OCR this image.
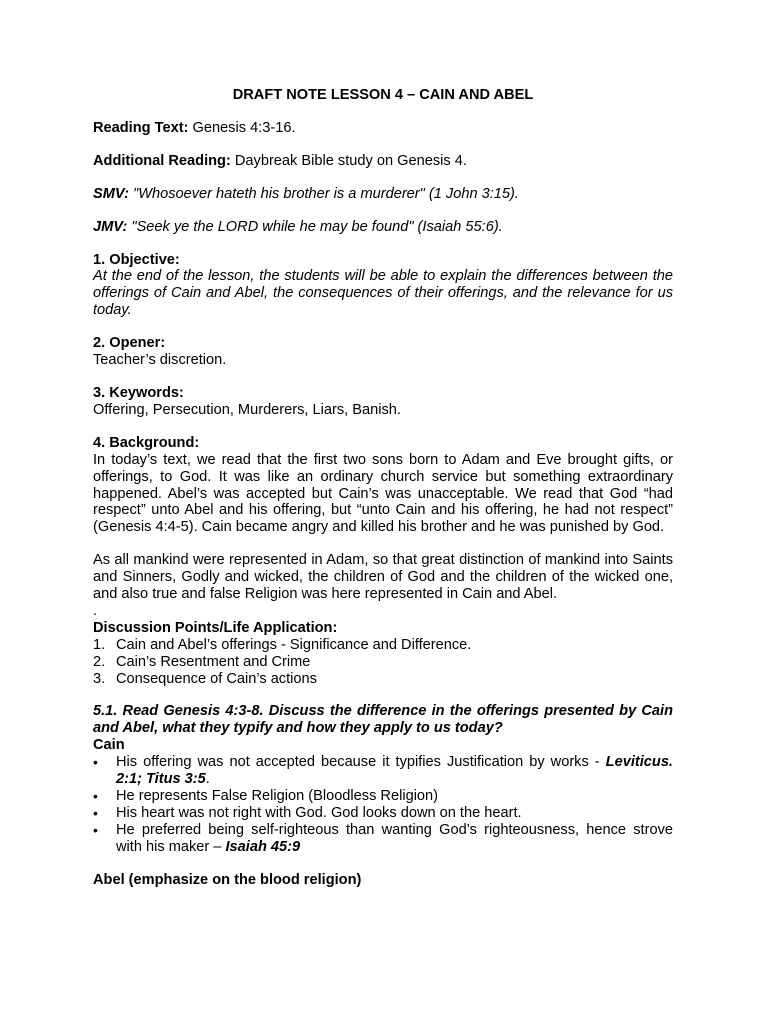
DRAFT NOTE LESSON 4 – CAIN AND ABEL

Reading Text: Genesis 4:3-16.

Additional Reading: Daybreak Bible study on Genesis 4.

SMV: "Whosoever hateth his brother is a murderer" (1 John 3:15).

JMV: "Seek ye the LORD while he may be found" (Isaiah 55:6).

1. Objective:

At the end of the lesson, the students will be able to explain the differences between the offerings of Cain and Abel, the consequences of their offerings, and the relevance for us today.

2. Opener:

Teacher’s discretion.

3. Keywords:

Offering, Persecution, Murderers, Liars, Banish.

4. Background:

In today’s text, we read that the first two sons born to Adam and Eve brought gifts, or offerings, to God. It was like an ordinary church service but something extraordinary happened. Abel’s was accepted but Cain’s was unacceptable. We read that God “had respect” unto Abel and his offering, but “unto Cain and his offering, he had not respect” (Genesis 4:4-5). Cain became angry and killed his brother and he was punished by God.

As all mankind were represented in Adam, so that great distinction of mankind into Saints and Sinners, Godly and wicked, the children of God and the children of the wicked one, and also true and false Religion was here represented in Cain and Abel.

.

Discussion Points/Life Application:

1. Cain and Abel’s offerings - Significance and Difference.
2. Cain’s Resentment and Crime
3. Consequence of Cain’s actions

5.1. Read Genesis 4:3-8. Discuss the difference in the offerings presented by Cain and Abel, what they typify and how they apply to us today?

Cain

•	His offering was not accepted because it typifies Justification by works - Leviticus. 2:1; Titus 3:5.
•	He represents False Religion (Bloodless Religion)
•	His heart was not right with God. God looks down on the heart.
•	He preferred being self-righteous than wanting God’s righteousness, hence strove with his maker – Isaiah 45:9

Abel (emphasize on the blood religion)
